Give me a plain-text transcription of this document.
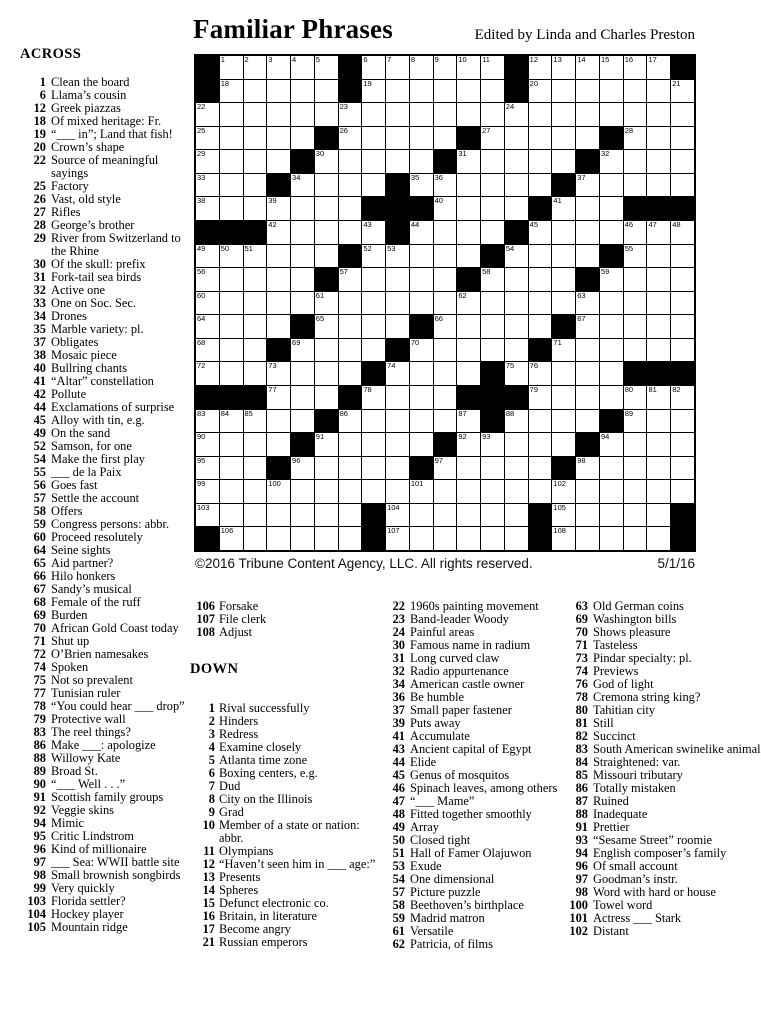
Familiar Phrases	Edited by Linda and Charles Preston
1	2	3	4	5	6	7	8	9	10 11	12 13 14 15 16 17
18	19	20	21
22	23	24
25	26	27	28
29	30	31	32
33	34	35 36	37
38	39	40	41
42	43	44	45	46 47 48
49 50 51	52 53	54	55
56	57	58	59
60	61	62	63
64	65	66	67
68	69	70	71
72	73	74	75 76
77	78	79	80 81 82
83 84 85	86	87	88	89
90	91	92 93	94
95	96	97	98
99	100	101	102
103	104	105
106	107	108
©2016 Tribune Content Agency, LLC. All rights reserved.	5/1/16
ACROSS
1 Clean the board
6 Llama’s cousin
12 Greek piazzas
18 Of mixed heritage: Fr.
19 “___ in”; Land that fish!
20 Crown’s shape
22 Source of meaningful sayings
25 Factory
26 Vast, old style
27 Rifles
28 George’s brother
29 River from Switzerland to the Rhine
30 Of the skull: prefix
31 Fork-tail sea birds
32 Active one
33 One on Soc. Sec.
34 Drones
35 Marble variety: pl.
37 Obligates
38 Mosaic piece
40 Bullring chants
41 “Altar” constellation
42 Pollute
44 Exclamations of surprise
45 Alloy with tin, e.g.
49 On the sand
52 Samson, for one
54 Make the first play
55 ___ de la Paix
56 Goes fast
57 Settle the account
58 Offers
59 Congress persons: abbr.
60 Proceed resolutely
64 Seine sights
65 Aid partner?
66 Hilo honkers
67 Sandy’s musical
68 Female of the ruff
69 Burden
70 African Gold Coast today
71 Shut up
72 O’Brien namesakes
74 Spoken
75 Not so prevalent
77 Tunisian ruler
78 “You could hear ___ drop”
79 Protective wall
83 The reel things?
86 Make ___: apologize
88 Willowy Kate
89 Broad St.
90 “___ Well . . .”
91 Scottish family groups
92 Veggie skins
94 Mimic
95 Critic Lindstrom
96 Kind of millionaire
97 ___ Sea: WWII battle site
98 Small brownish songbirds
99 Very quickly
103 Florida settler?
104 Hockey player
105 Mountain ridge
106 Forsake
107 File clerk
108 Adjust
DOWN
1 Rival successfully
2 Hinders
3 Redress
4 Examine closely
5 Atlanta time zone
6 Boxing centers, e.g.
7 Dud
8 City on the Illinois
9 Grad
10 Member of a state or nation: abbr.
11 Olympians
12 “Haven’t seen him in ___ age:”
13 Presents
14 Spheres
15 Defunct electronic co.
16 Britain, in literature
17 Become angry
21 Russian emperors
22 1960s painting movement
23 Band-leader Woody
24 Painful areas
30 Famous name in radium
31 Long curved claw
32 Radio appurtenance
34 American castle owner
36 Be humble
37 Small paper fastener
39 Puts away
41 Accumulate
43 Ancient capital of Egypt
44 Elide
45 Genus of mosquitos
46 Spinach leaves, among others
47 “___ Mame”
48 Fitted together smoothly
49 Array
50 Closed tight
51 Hall of Famer Olajuwon
53 Exude
54 One dimensional
57 Picture puzzle
58 Beethoven’s birthplace
59 Madrid matron
61 Versatile
62 Patricia, of films
63 Old German coins
69 Washington bills
70 Shows pleasure
71 Tasteless
73 Pindar specialty: pl.
74 Previews
76 God of light
78 Cremona string king?
80 Tahitian city
81 Still
82 Succinct
83 South American swinelike animal
84 Straightened: var.
85 Missouri tributary
86 Totally mistaken
87 Ruined
88 Inadequate
91 Prettier
93 “Sesame Street” roomie
94 English composer’s family
96 Of small account
97 Goodman’s instr.
98 Word with hard or house
100 Towel word
101 Actress ___ Stark
102 Distant
